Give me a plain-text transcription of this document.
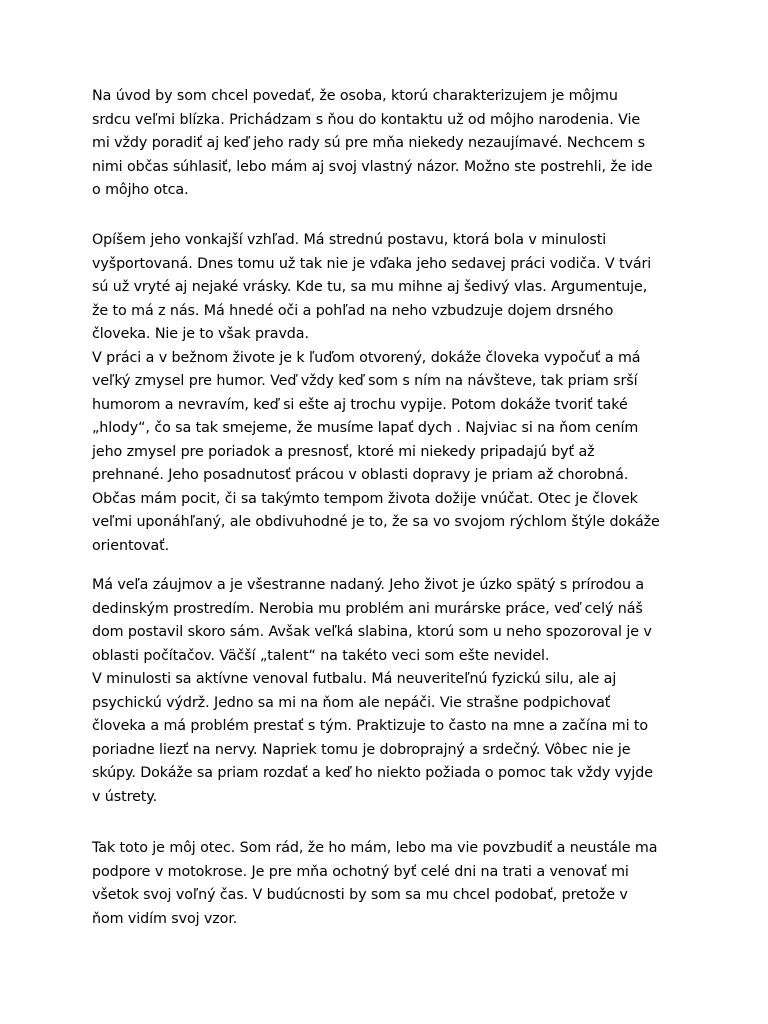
Na úvod by som chcel povedať, že osoba, ktorú charakterizujem je môjmu
srdcu veľmi blízka. Prichádzam s ňou do kontaktu už od môjho narodenia. Vie
mi vždy poradiť aj keď jeho rady sú pre mňa niekedy nezaujímavé. Nechcem s
nimi občas súhlasiť, lebo mám aj svoj vlastný názor. Možno ste postrehli, že ide
o môjho otca.
Opíšem jeho vonkajší vzhľad. Má strednú postavu, ktorá bola v minulosti
vyšportovaná. Dnes tomu už tak nie je vďaka jeho sedavej práci vodiča. V tvári
sú už vryté aj nejaké vrásky. Kde tu, sa mu mihne aj šedivý vlas. Argumentuje,
že to má z nás. Má hnedé oči a pohľad na neho vzbudzuje dojem drsného
človeka. Nie je to však pravda.
V práci a v bežnom živote je k ľuďom otvorený, dokáže človeka vypočuť a má
veľký zmysel pre humor. Veď vždy keď som s ním na návšteve, tak priam srší
humorom a nevravím, keď si ešte aj trochu vypije. Potom dokáže tvoriť také
„hlody“, čo sa tak smejeme, že musíme lapať dych . Najviac si na ňom cením
jeho zmysel pre poriadok a presnosť, ktoré mi niekedy pripadajú byť až
prehnané. Jeho posadnutosť prácou v oblasti dopravy je priam až chorobná.
Občas mám pocit, či sa takýmto tempom života dožije vnúčat. Otec je človek
veľmi uponáhľaný, ale obdivuhodné je to, že sa vo svojom rýchlom štýle dokáže
orientovať.
Má veľa záujmov a je všestranne nadaný. Jeho život je úzko spätý s prírodou a
dedinským prostredím. Nerobia mu problém ani murárske práce, veď celý náš
dom postavil skoro sám. Avšak veľká slabina, ktorú som u neho spozoroval je v
oblasti počítačov. Väčší „talent“ na takéto veci som ešte nevidel.
V minulosti sa aktívne venoval futbalu. Má neuveriteľnú fyzickú silu, ale aj
psychickú výdrž. Jedno sa mi na ňom ale nepáči. Vie strašne podpichovať
človeka a má problém prestať s tým. Praktizuje to často na mne a začína mi to
poriadne liezť na nervy. Napriek tomu je dobroprajný a srdečný. Vôbec nie je
skúpy. Dokáže sa priam rozdať a keď ho niekto požiada o pomoc tak vždy vyjde
v ústrety.
Tak toto je môj otec. Som rád, že ho mám, lebo ma vie povzbudiť a neustále ma
podpore v motokrose. Je pre mňa ochotný byť celé dni na trati a venovať mi
všetok svoj voľný čas. V budúcnosti by som sa mu chcel podobať, pretože v
ňom vidím svoj vzor.
